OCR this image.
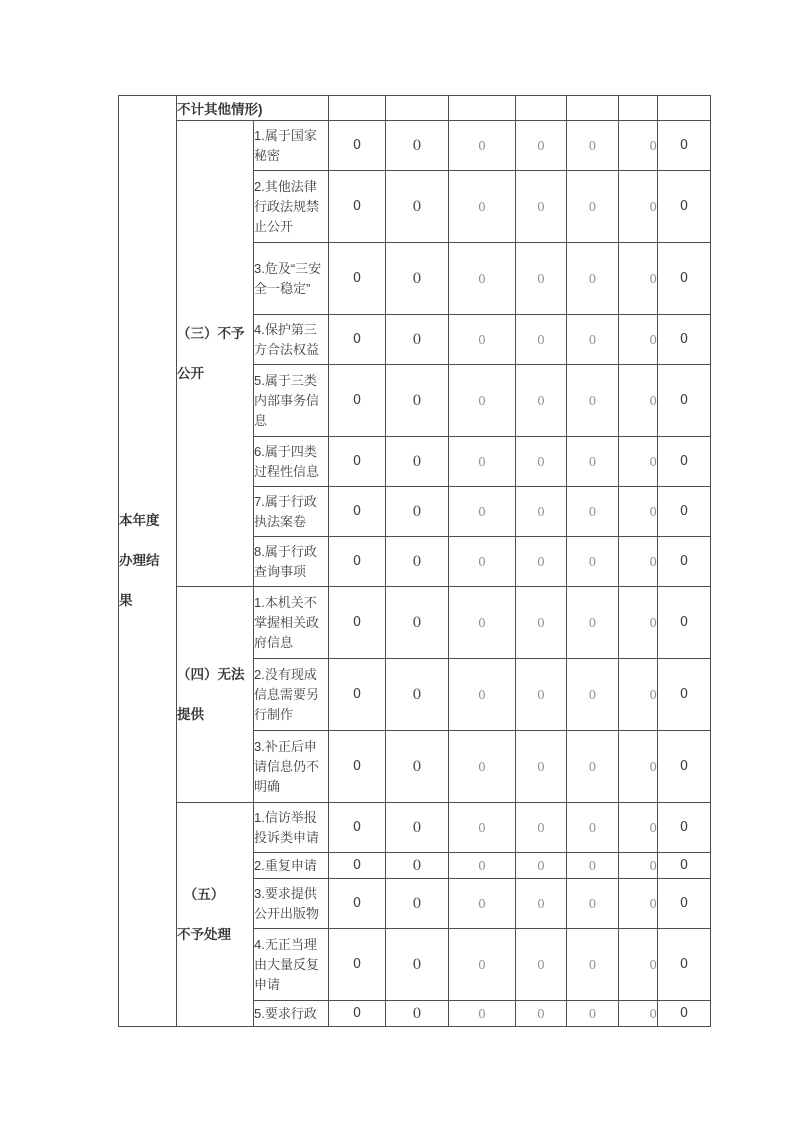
本年度
办理结
果	不计其他情形)								

	（三）不予
公开	1.属于国家秘密	0	0	0	0	0	0	0
		2.其他法律行政法规禁止公开	0	0	0	0	0	0	0
		3.危及“三安全一稳定”	0	0	0	0	0	0	0
		4.保护第三方合法权益	0	0	0	0	0	0	0
		5.属于三类内部事务信息	0	0	0	0	0	0	0
		6.属于四类过程性信息	0	0	0	0	0	0	0
		7.属于行政执法案卷	0	0	0	0	0	0	0
		8.属于行政查询事项	0	0	0	0	0	0	0

	（四）无法
提供	1.本机关不掌握相关政府信息	0	0	0	0	0	0	0
		2.没有现成信息需要另行制作	0	0	0	0	0	0	0
		3.补正后申请信息仍不明确	0	0	0	0	0	0	0

	　（五）
不予处理	1.信访举报投诉类申请	0	0	0	0	0	0	0
		2.重复申请	0	0	0	0	0	0	0
		3.要求提供公开出版物	0	0	0	0	0	0	0
		4.无正当理由大量反复申请	0	0	0	0	0	0	0
		5.要求行政	0	0	0	0	0	0	0
